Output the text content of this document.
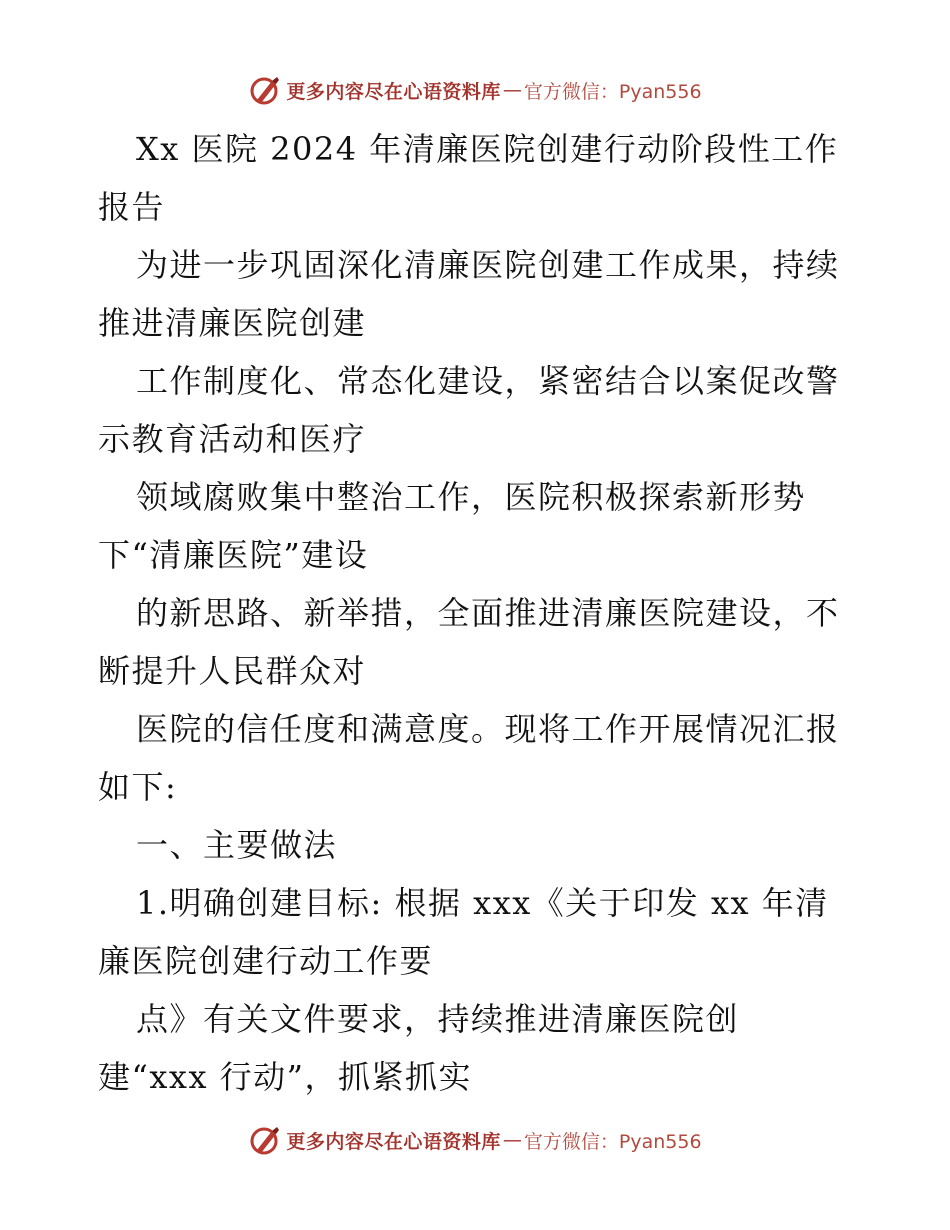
更多内容尽在心语资料库 — 官方微信：Pyan556

Xx 医院 2024 年清廉医院创建行动阶段性工作
报告

为进一步巩固深化清廉医院创建工作成果，持续
推进清廉医院创建

工作制度化、常态化建设，紧密结合以案促改警
示教育活动和医疗

领域腐败集中整治工作，医院积极探索新形势
下“清廉医院”建设

的新思路、新举措，全面推进清廉医院建设，不
断提升人民群众对

医院的信任度和满意度。现将工作开展情况汇报
如下:

一、主要做法

1.明确创建目标: 根据 xxx《关于印发 xx 年清
廉医院创建行动工作要

点》有关文件要求，持续推进清廉医院创
建“xxx 行动”，抓紧抓实

更多内容尽在心语资料库 — 官方微信：Pyan556
